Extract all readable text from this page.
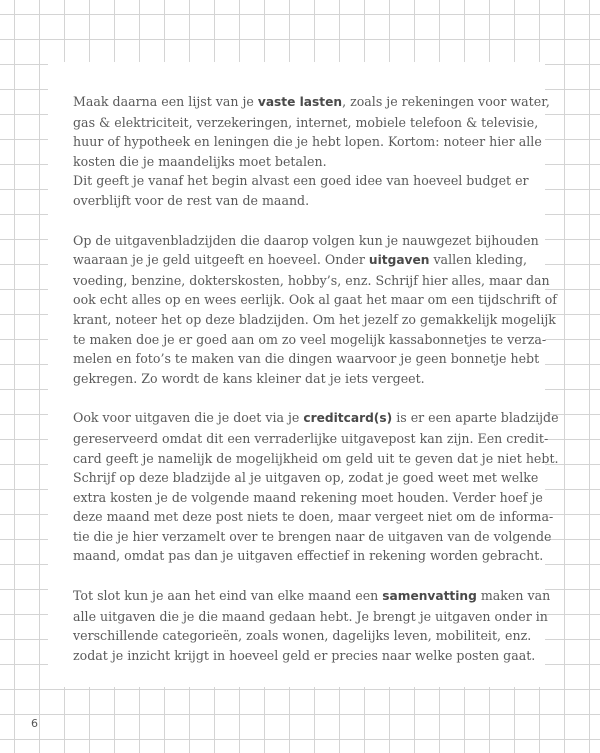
Maak daarna een lijst van je vaste lasten, zoals je rekeningen voor water,
gas & elektriciteit, verzekeringen, internet, mobiele telefoon & televisie,
huur of hypotheek en leningen die je hebt lopen. Kortom: noteer hier alle
kosten die je maandelijks moet betalen.
Dit geeft je vanaf het begin alvast een goed idee van hoeveel budget er
overblijft voor de rest van de maand.

Op de uitgavenbladzijden die daarop volgen kun je nauwgezet bijhouden
waaraan je je geld uitgeeft en hoeveel. Onder uitgaven vallen kleding,
voeding, benzine, dokterskosten, hobby’s, enz. Schrijf hier alles, maar dan
ook echt alles op en wees eerlijk. Ook al gaat het maar om een tijdschrift of
krant, noteer het op deze bladzijden. Om het jezelf zo gemakkelijk mogelijk
te maken doe je er goed aan om zo veel mogelijk kassabonnetjes te verza-
melen en foto’s te maken van die dingen waarvoor je geen bonnetje hebt
gekregen. Zo wordt de kans kleiner dat je iets vergeet.

Ook voor uitgaven die je doet via je creditcard(s) is er een aparte bladzijde
gereserveerd omdat dit een verraderlijke uitgavepost kan zijn. Een credit-
card geeft je namelijk de mogelijkheid om geld uit te geven dat je niet hebt.
Schrijf op deze bladzijde al je uitgaven op, zodat je goed weet met welke
extra kosten je de volgende maand rekening moet houden. Verder hoef je
deze maand met deze post niets te doen, maar vergeet niet om de informa-
tie die je hier verzamelt over te brengen naar de uitgaven van de volgende
maand, omdat pas dan je uitgaven effectief in rekening worden gebracht.

Tot slot kun je aan het eind van elke maand een samenvatting maken van
alle uitgaven die je die maand gedaan hebt. Je brengt je uitgaven onder in
verschillende categorieën, zoals wonen, dagelijks leven, mobiliteit, enz.
zodat je inzicht krijgt in hoeveel geld er precies naar welke posten gaat.

6
